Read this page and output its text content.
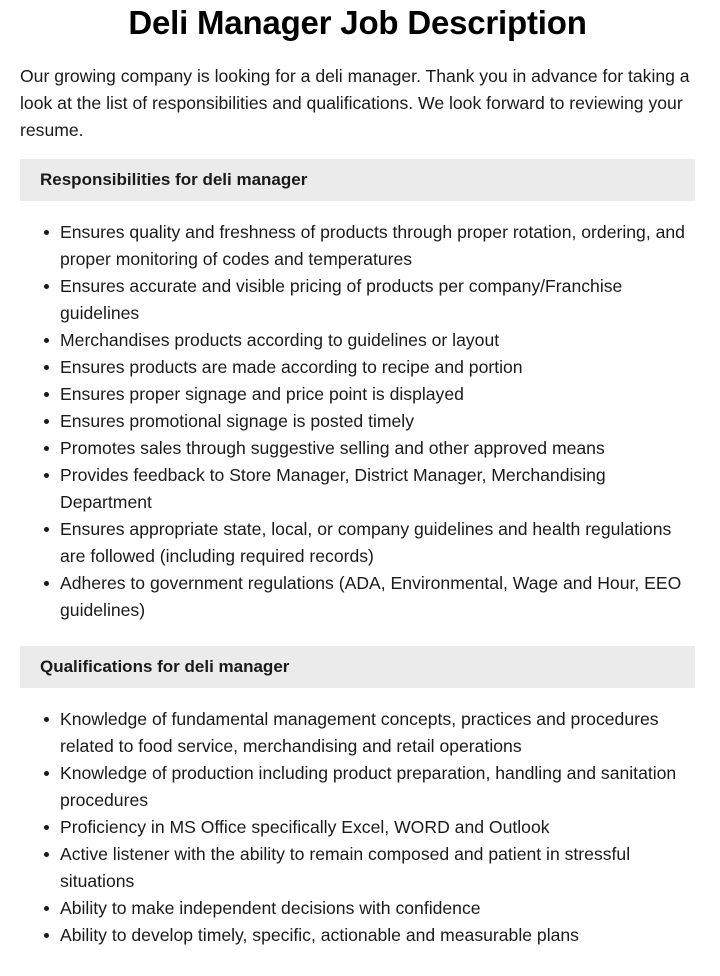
Deli Manager Job Description

Our growing company is looking for a deli manager. Thank you in advance for taking a look at the list of responsibilities and qualifications. We look forward to reviewing your resume.

Responsibilities for deli manager
Ensures quality and freshness of products through proper rotation, ordering, and proper monitoring of codes and temperatures
Ensures accurate and visible pricing of products per company/Franchise guidelines
Merchandises products according to guidelines or layout
Ensures products are made according to recipe and portion
Ensures proper signage and price point is displayed
Ensures promotional signage is posted timely
Promotes sales through suggestive selling and other approved means
Provides feedback to Store Manager, District Manager, Merchandising Department
Ensures appropriate state, local, or company guidelines and health regulations are followed (including required records)
Adheres to government regulations (ADA, Environmental, Wage and Hour, EEO guidelines)
Qualifications for deli manager
Knowledge of fundamental management concepts, practices and procedures related to food service, merchandising and retail operations
Knowledge of production including product preparation, handling and sanitation procedures
Proficiency in MS Office specifically Excel, WORD and Outlook
Active listener with the ability to remain composed and patient in stressful situations
Ability to make independent decisions with confidence
Ability to develop timely, specific, actionable and measurable plans
